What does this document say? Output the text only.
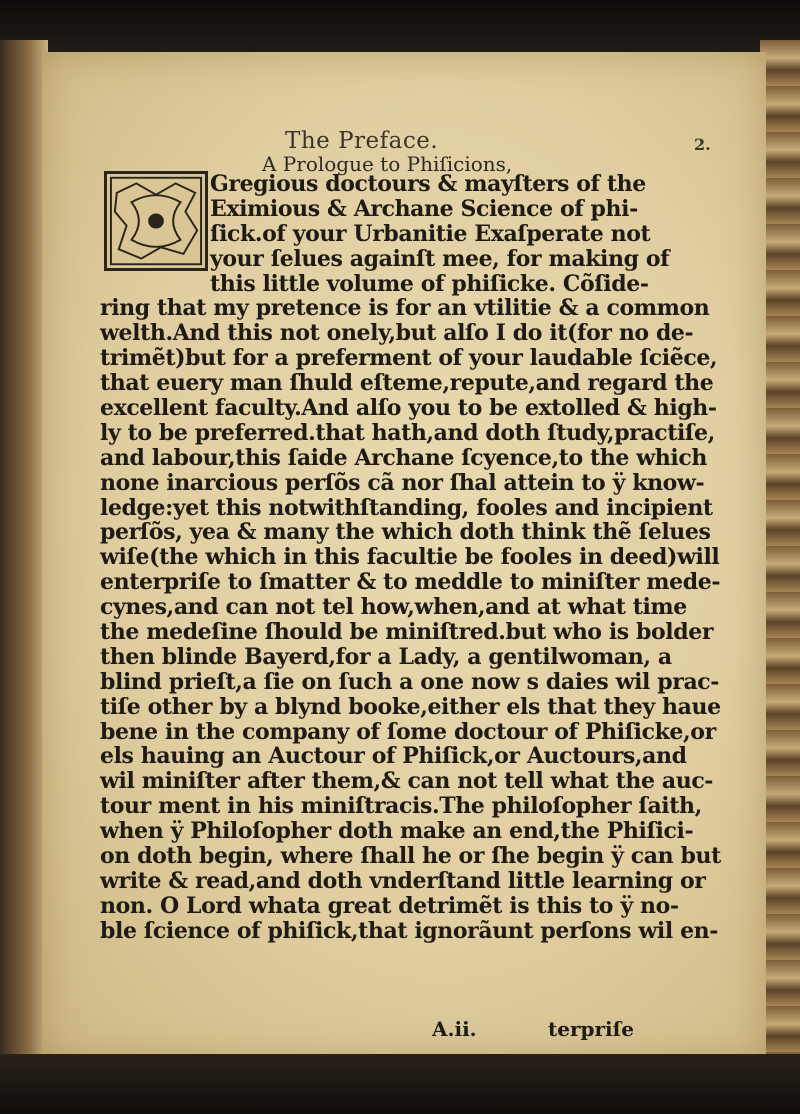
The Preface.	2.
A Prologue to Phiſicions,
Gregious doctours & mayſters of the
Eximious & Archane Science of phi-
ſick.of your Urbanitie Exaſperate not
your ſelues againſt mee, for making of
this little volume of phiſicke. Cõſide-
ring that my pretence is for an vtilitie & a common
welth.And this not onely,but alſo I do it(for no de-
trimẽt)but for a preferment of your laudable ſciẽce,
that euery man ſhuld eſteme,repute,and regard the
excellent faculty.And alſo you to be extolled & high-
ly to be preferred.that hath,and doth ſtudy,practiſe,
and labour,this ſaide Archane ſcyence,to the which
none inarcious perſõs cã nor ſhal attein to ÿ know-
ledge:yet this notwithſtanding, fooles and incipient
perſõs, yea & many the which doth think thẽ ſelues
wiſe(the which in this facultie be fooles in deed)will
enterpriſe to ſmatter & to meddle to miniſter mede-
cynes,and can not tel how,when,and at what time
the medeſine ſhould be miniſtred.but who is bolder
then blinde Bayerd,for a Lady, a gentilwoman, a
blind prieſt,a ſie on ſuch a one now s daies wil prac-
tiſe other by a blynd booke,either els that they haue
bene in the company of ſome doctour of Phiſicke,or
els hauing an Auctour of Phiſick,or Auctours,and
wil miniſter after them,& can not tell what the auc-
tour ment in his miniſtracis.The philoſopher ſaith,
when ÿ Philoſopher doth make an end,the Phiſici-
on doth begin, where ſhall he or ſhe begin ÿ can but
write & read,and doth vnderſtand little learning or
non. O Lord whata great detrimẽt is this to ÿ no-
ble ſcience of phiſick,that ignorãunt perſons wil en-
A.ii.	terpriſe
